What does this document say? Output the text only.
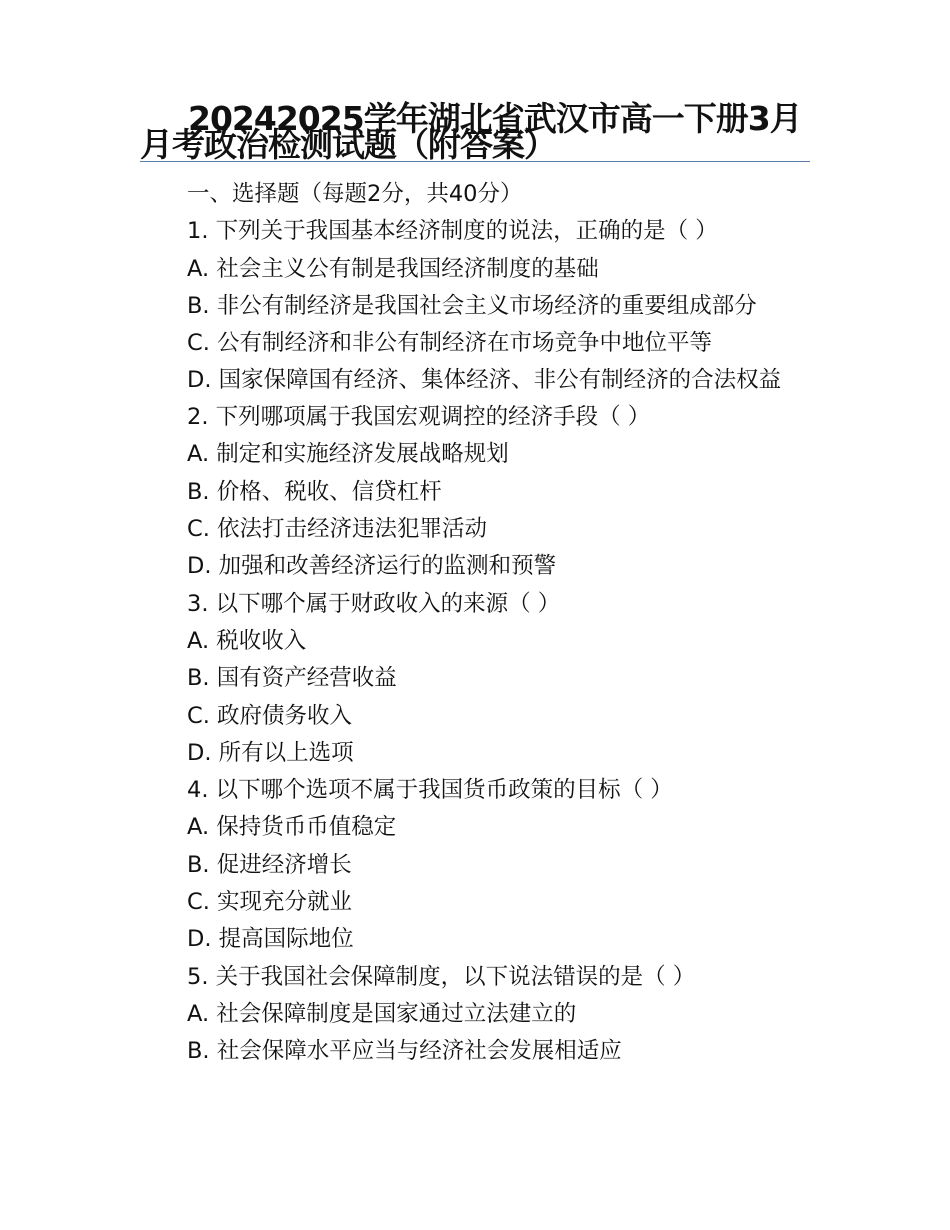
20242025学年湖北省武汉市高一下册3月月考政治检测试题（附答案）

一、选择题（每题2分，共40分）

1. 下列关于我国基本经济制度的说法，正确的是（ ）

A. 社会主义公有制是我国经济制度的基础

B. 非公有制经济是我国社会主义市场经济的重要组成部分

C. 公有制经济和非公有制经济在市场竞争中地位平等

D. 国家保障国有经济、集体经济、非公有制经济的合法权益

2. 下列哪项属于我国宏观调控的经济手段（ ）

A. 制定和实施经济发展战略规划

B. 价格、税收、信贷杠杆

C. 依法打击经济违法犯罪活动

D. 加强和改善经济运行的监测和预警

3. 以下哪个属于财政收入的来源（ ）

A. 税收收入

B. 国有资产经营收益

C. 政府债务收入

D. 所有以上选项

4. 以下哪个选项不属于我国货币政策的目标（ ）

A. 保持货币币值稳定

B. 促进经济增长

C. 实现充分就业

D. 提高国际地位

5. 关于我国社会保障制度，以下说法错误的是（ ）

A. 社会保障制度是国家通过立法建立的

B. 社会保障水平应当与经济社会发展相适应
